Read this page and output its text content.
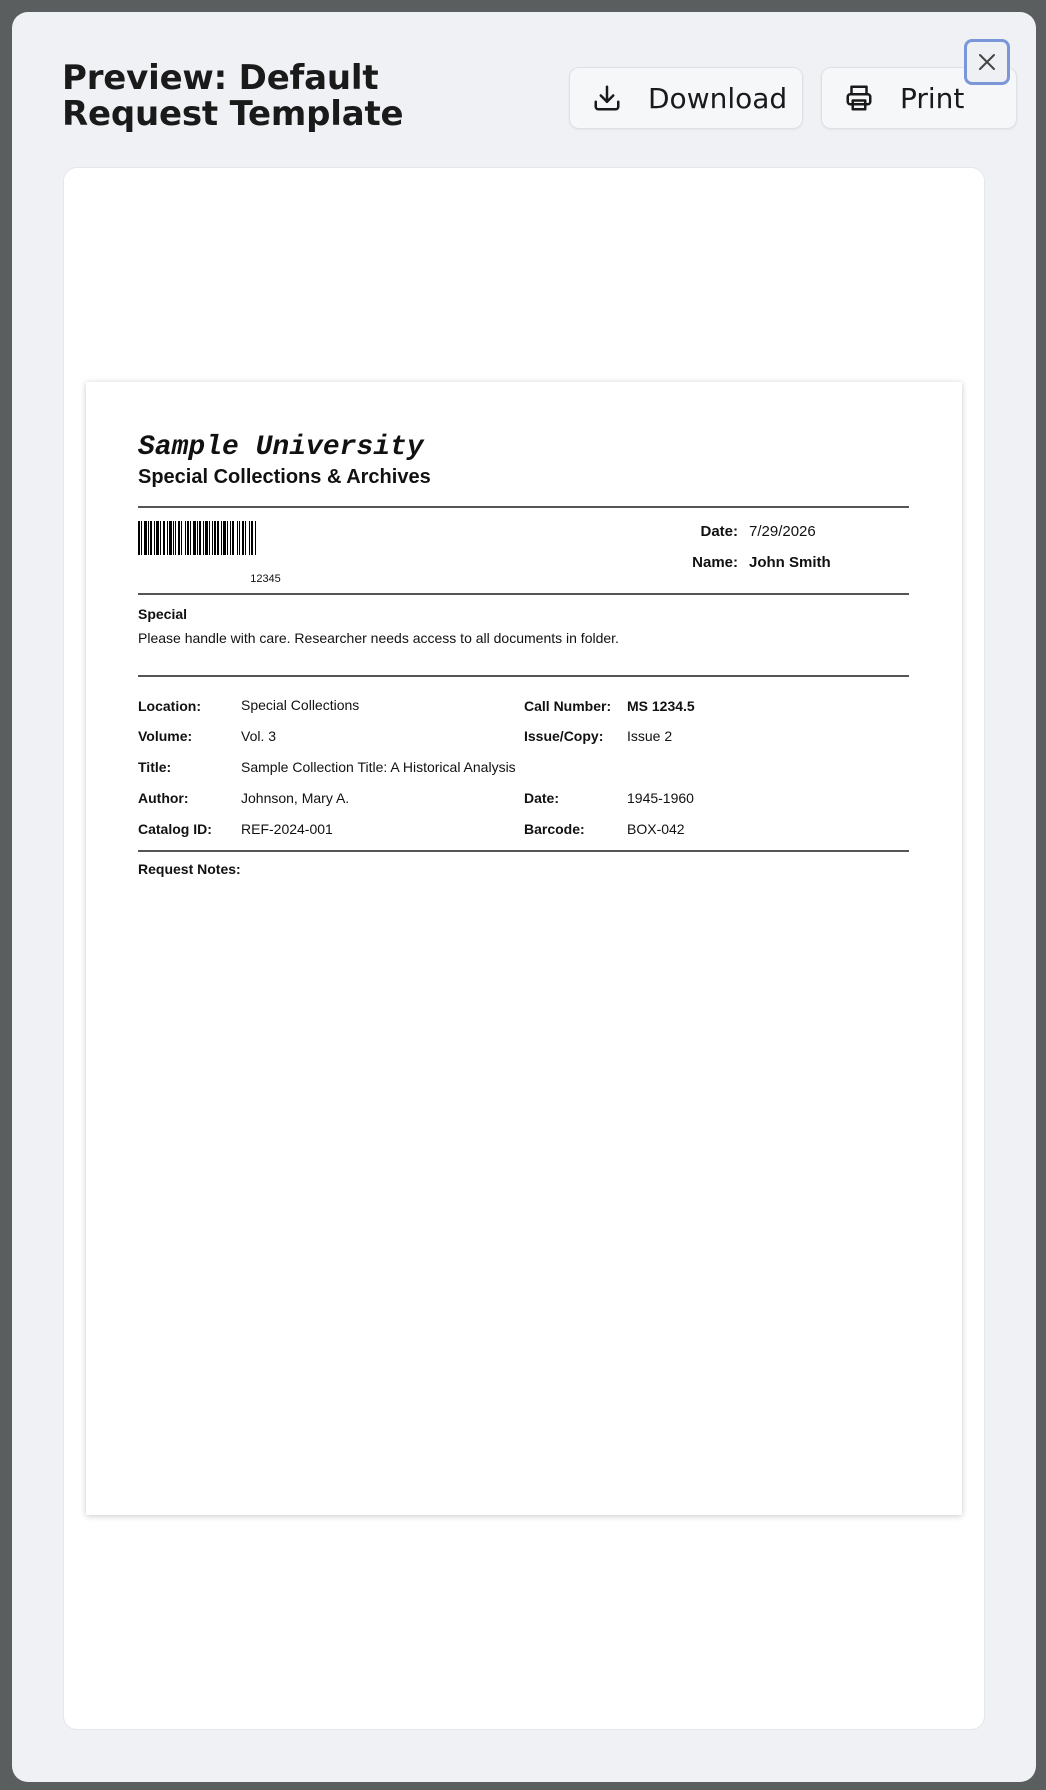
Preview: Default Request Template	Download	Print
Sample University
Special Collections & Archives
12345
Date: 7/29/2026
Name: John Smith
Special
Please handle with care. Researcher needs access to all documents in folder.
Location:	Special Collections	Call Number: MS 1234.5
Volume:	Vol. 3	Issue/Copy: Issue 2
Title:	Sample Collection Title: A Historical Analysis
Author:	Johnson, Mary A.	Date:	1945-1960
Catalog ID: REF-2024-001	Barcode:	BOX-042
Request Notes:
